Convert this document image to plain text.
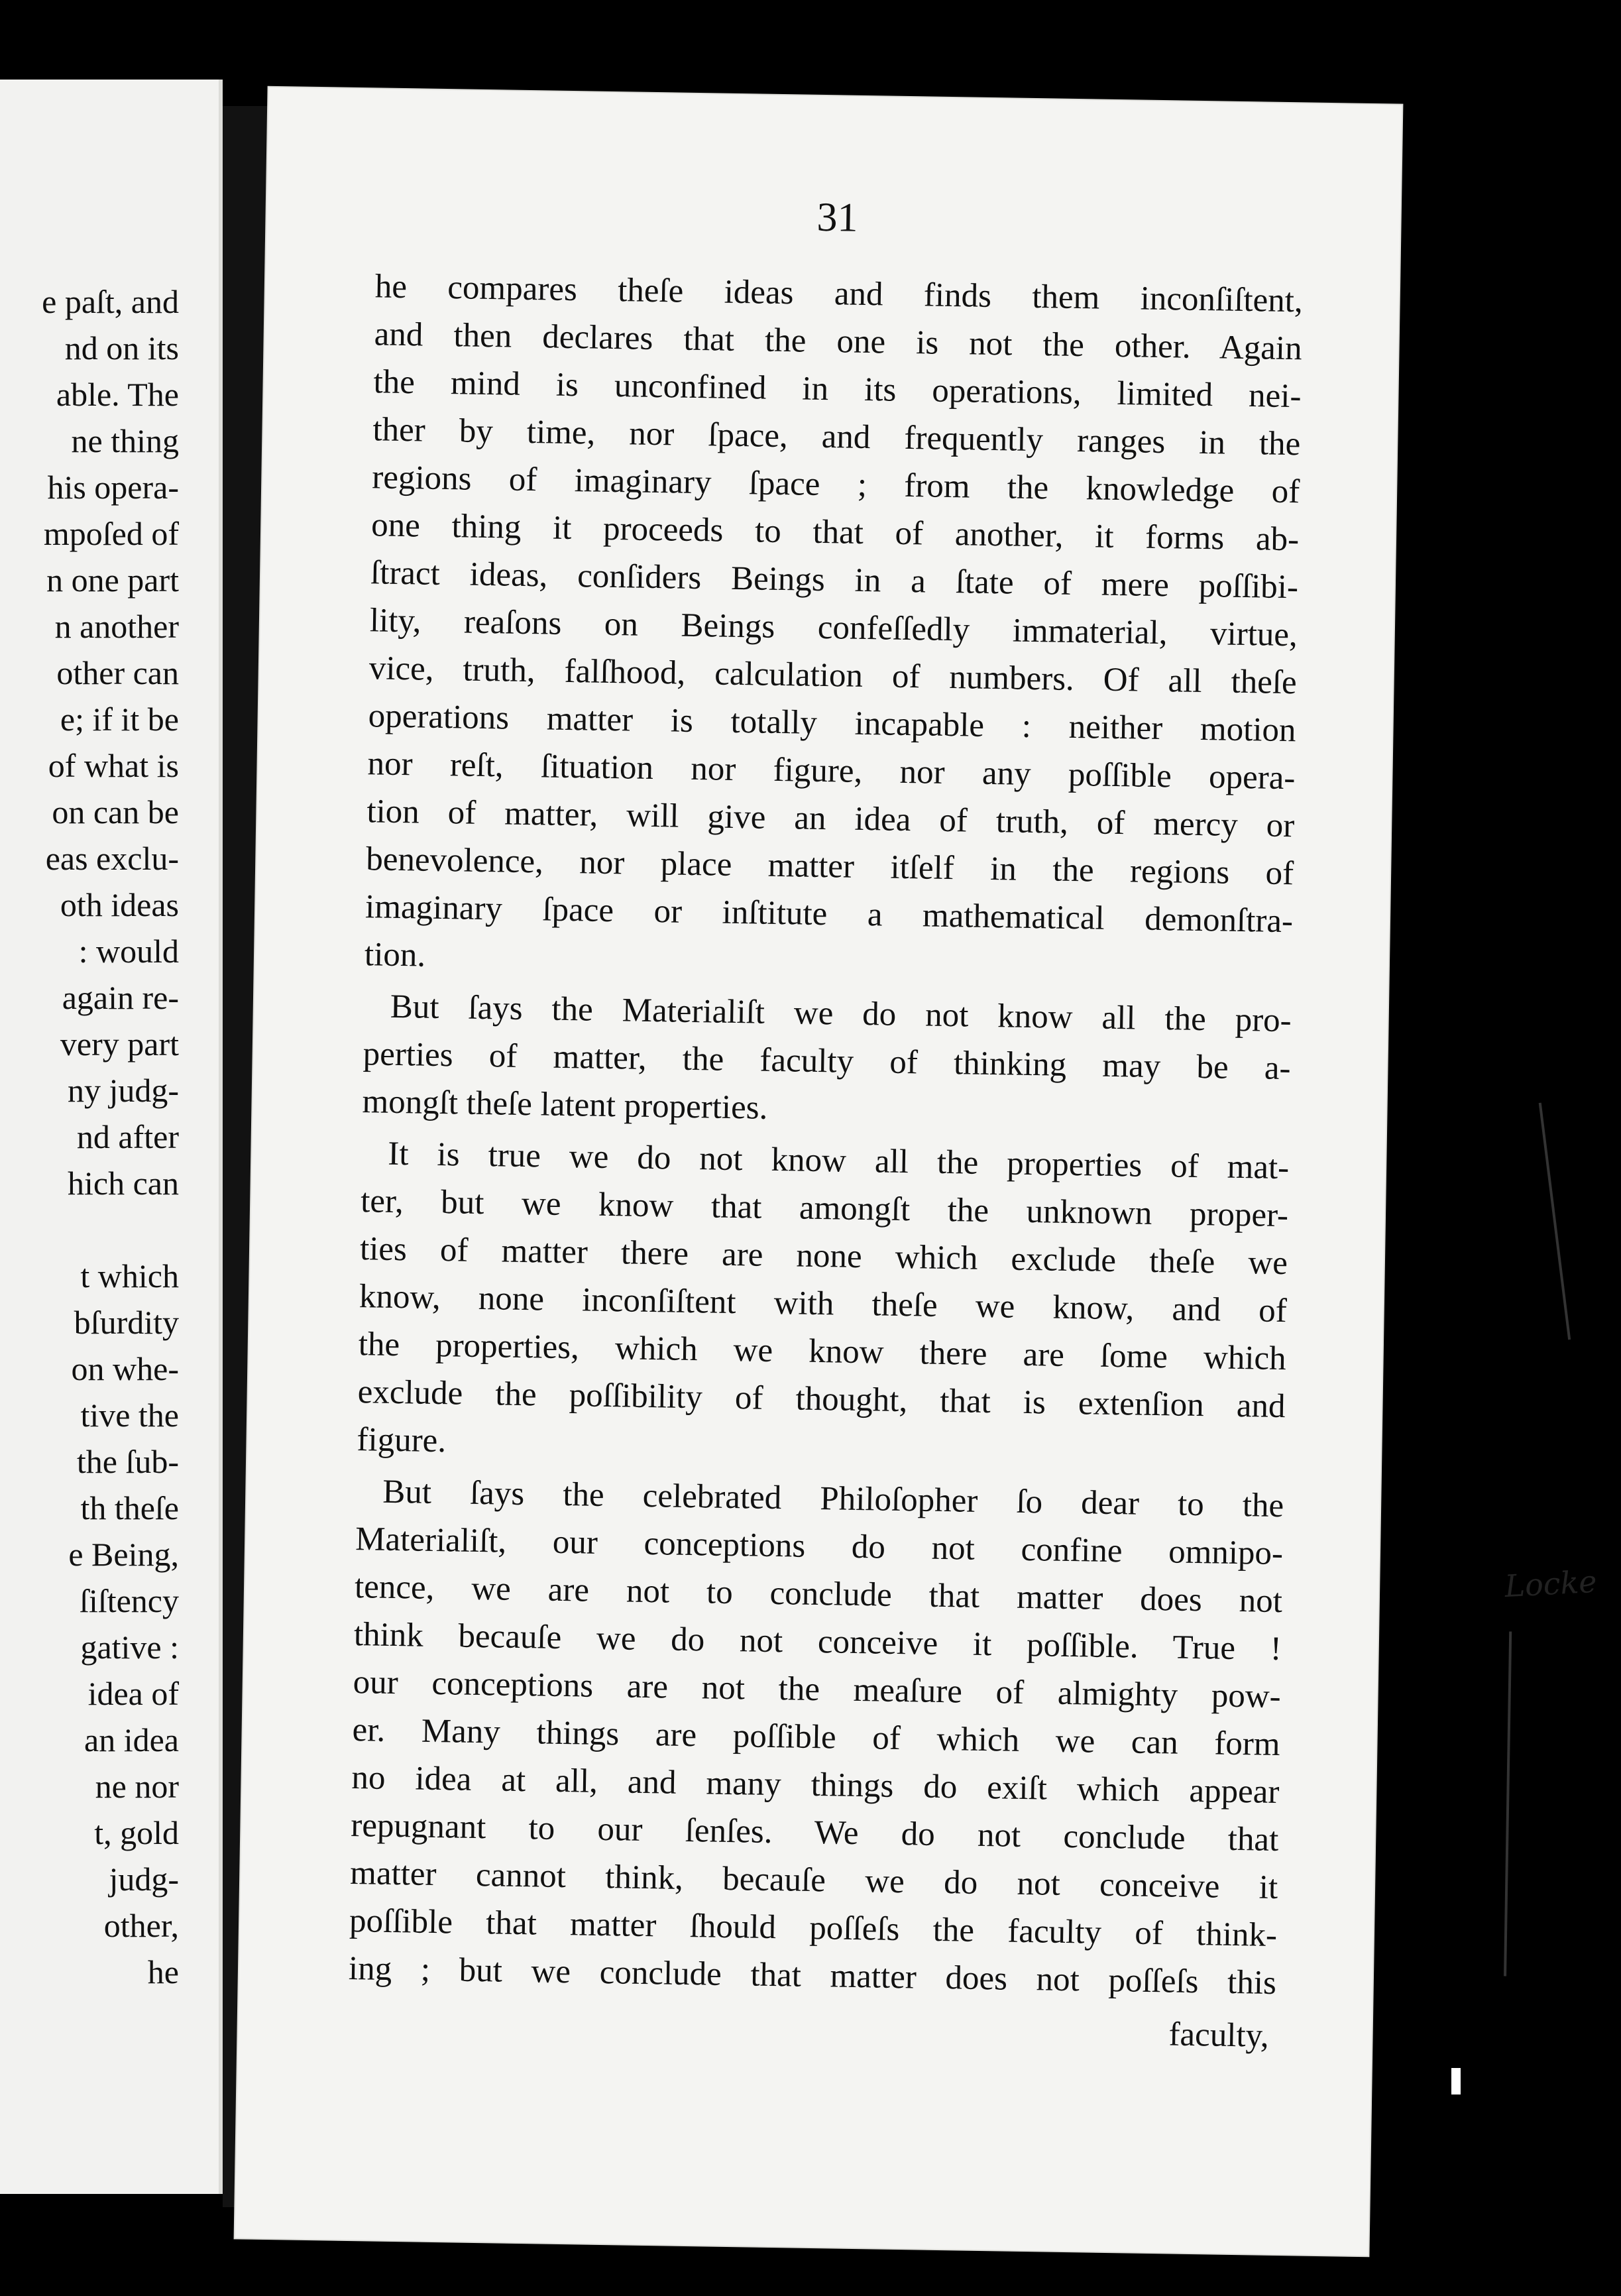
e paſt, and
nd on its
able. The
ne thing
his opera-
mpoſed of
n one part
n another
other can
e; if it be
of what is
on can be
eas exclu-
oth ideas
: would
again re-
very part
ny judg-
nd after
hich can

t which
bſurdity
on whe-
tive the
the ſub-
th theſe
e Being,
ſiſtency
gative :
idea of
an idea
ne nor
t, gold
judg-
other,
he
31
he compares theſe ideas and finds them inconſiſtent,
and then declares that the one is not the other. Again
the mind is unconfined in its operations, limited nei-
ther by time, nor ſpace, and frequently ranges in the
regions of imaginary ſpace ; from the knowledge of
one thing it proceeds to that of another, it forms ab-
ſtract ideas, conſiders Beings in a ſtate of mere poſſibi-
lity, reaſons on Beings confeſſedly immaterial, virtue,
vice, truth, falſhood, calculation of numbers. Of all theſe
operations matter is totally incapable : neither motion
nor reſt, ſituation nor figure, nor any poſſible opera-
tion of matter, will give an idea of truth, of mercy or
benevolence, nor place matter itſelf in the regions of
imaginary ſpace or inſtitute a mathematical demonſtra-
tion.
But ſays the Materialiſt we do not know all the pro-
perties of matter, the faculty of thinking may be a-
mongſt theſe latent properties.
It is true we do not know all the properties of mat-
ter, but we know that amongſt the unknown proper-
ties of matter there are none which exclude theſe we
know, none inconſiſtent with theſe we know, and of
the properties, which we know there are ſome which
exclude the poſſibility of thought, that is extenſion and
figure.
But ſays the celebrated Philoſopher ſo dear to the
Materialiſt, our conceptions do not confine omnipo-
tence, we are not to conclude that matter does not
think becauſe we do not conceive it poſſible. True !
our conceptions are not the meaſure of almighty pow-
er. Many things are poſſible of which we can form
no idea at all, and many things do exiſt which appear
repugnant to our ſenſes. We do not conclude that
matter cannot think, becauſe we do not conceive it
poſſible that matter ſhould poſſeſs the faculty of think-
ing ; but we conclude that matter does not poſſeſs this
faculty,
Locke
